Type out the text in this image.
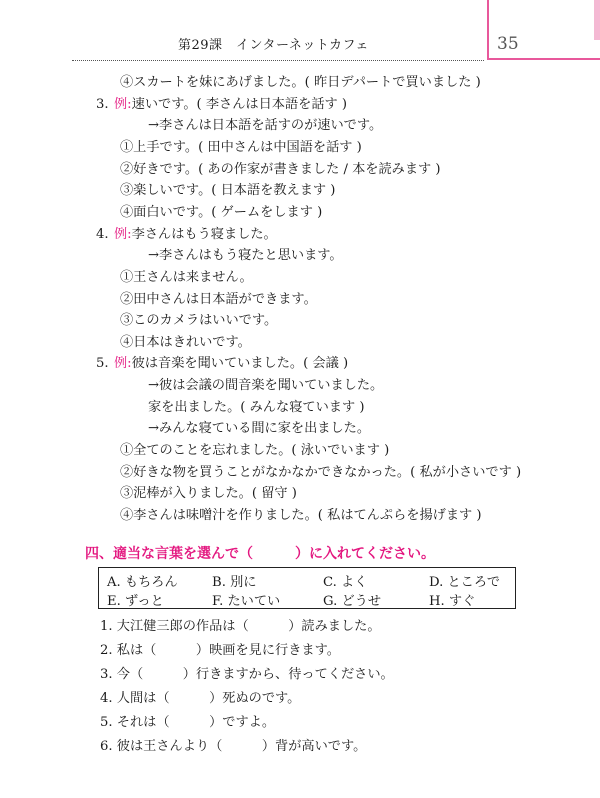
第29課　インターネットカフェ	35
四、適当な言葉を選んで（　　　）に入れてください。
A. もちろん	B. 別に	C. よく	D. ところで
E. ずっと	F. たいてい	G. どうせ	H. すぐ
1. 大江健三郎の作品は（　　　）読みました。
2. 私は（　　　）映画を見に行きます。
3. 今（　　　）行きますから、待ってください。
4. 人間は（　　　）死ぬのです。
5. それは（　　　）ですよ。
6. 彼は王さんより（　　　）背が高いです。
④スカートを妹にあげました。( 昨日デパートで買いました )
3. 例:速いです。( 李さんは日本語を話す )
→李さんは日本語を話すのが速いです。
①上手です。( 田中さんは中国語を話す )
②好きです。( あの作家が書きました / 本を読みます )
③楽しいです。( 日本語を教えます )
④面白いです。( ゲームをします )
4. 例:李さんはもう寝ました。
→李さんはもう寝たと思います。
①王さんは来ません。
②田中さんは日本語ができます。
③このカメラはいいです。
④日本はきれいです。
5. 例:彼は音楽を聞いていました。( 会議 )
→彼は会議の間音楽を聞いていました。
家を出ました。( みんな寝ています )
→みんな寝ている間に家を出ました。
①全てのことを忘れました。( 泳いでいます )
②好きな物を買うことがなかなかできなかった。( 私が小さいです )
③泥棒が入りました。( 留守 )
④李さんは味噌汁を作りました。( 私はてんぷらを揚げます )
